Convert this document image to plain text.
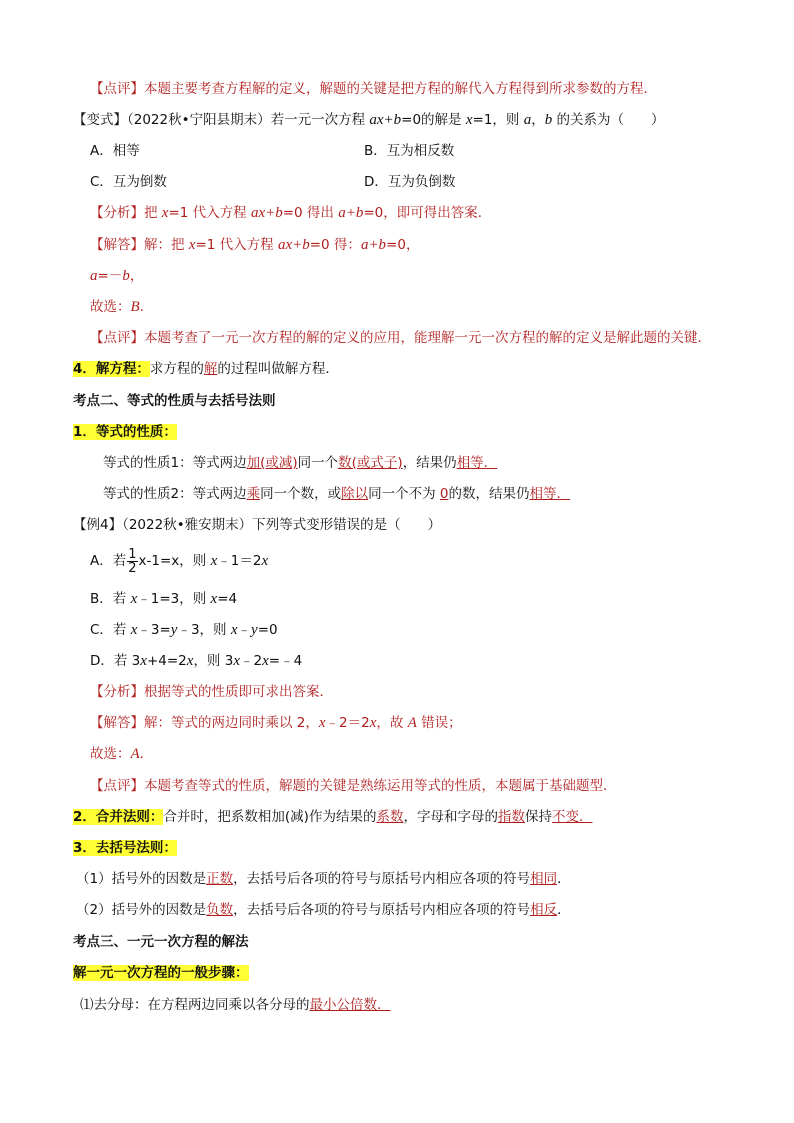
【点评】本题主要考查方程解的定义，解题的关键是把方程的解代入方程得到所求参数的方程．
【变式】（2022秋•宁阳县期末）若一元一次方程 ax+b=0的解是 x=1，则 a，b 的关系为（　　）
A．相等	B．互为相反数
C．互为倒数	D．互为负倒数
【分析】把 x=1 代入方程 ax+b=0 得出 a+b=0，即可得出答案．
【解答】解：把 x=1 代入方程 ax+b=0 得：a+b=0，
a=－b，
故选：B．
【点评】本题考查了一元一次方程的解的定义的应用，能理解一元一次方程的解的定义是解此题的关键．
4．解方程：求方程的解的过程叫做解方程．
考点二、等式的性质与去括号法则
1．等式的性质：
等式的性质1：等式两边加(或减)同一个数(或式子)，结果仍相等．
等式的性质2：等式两边乘同一个数，或除以同一个不为 0的数，结果仍相等．
【例4】（2022秋•雅安期末）下列等式变形错误的是（　　）
A．若 $\frac{1}{2} x-1=x$，则 x﹣1＝2x
B．若 x﹣1=3，则 x=4
C．若 x﹣3=y﹣3，则 x﹣y=0
D．若 3x+4=2x，则 3x﹣2x=﹣4
【分析】根据等式的性质即可求出答案．
【解答】解：等式的两边同时乘以 2，x﹣2＝2x，故 A 错误；
故选：A．
【点评】本题考查等式的性质，解题的关键是熟练运用等式的性质，本题属于基础题型．
2．合并法则：合并时，把系数相加(减)作为结果的系数，字母和字母的指数保持不变．
3．去括号法则：
（1）括号外的因数是正数，去括号后各项的符号与原括号内相应各项的符号相同．
（2）括号外的因数是负数，去括号后各项的符号与原括号内相应各项的符号相反．
考点三、一元一次方程的解法
解一元一次方程的一般步骤：
⑴去分母：在方程两边同乘以各分母的最小公倍数．
